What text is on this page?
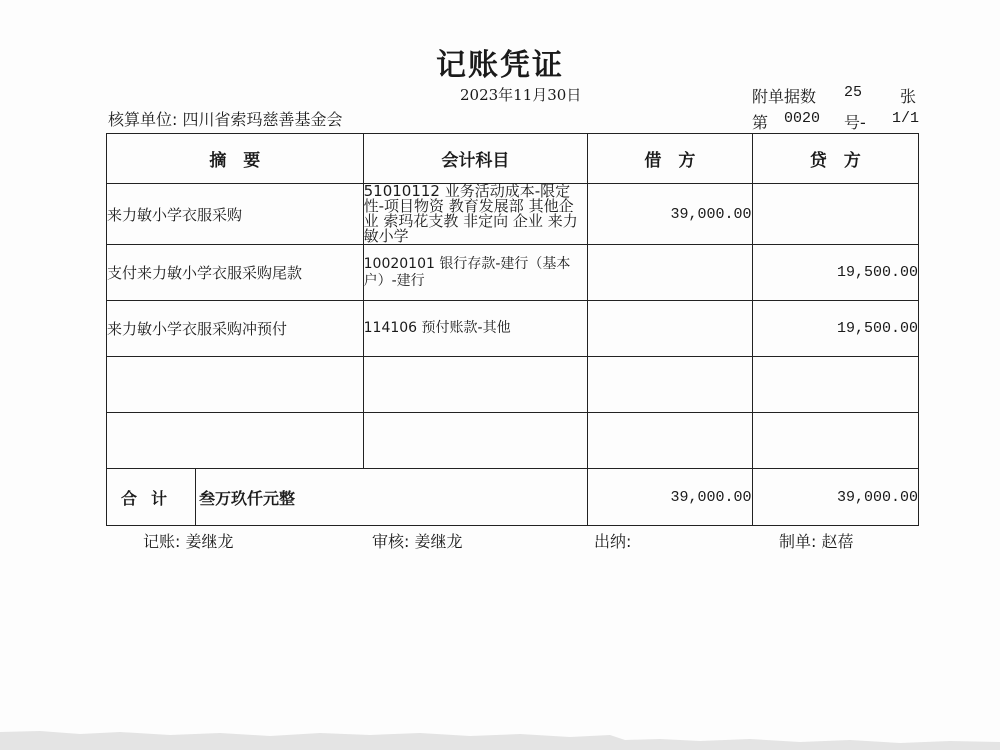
记账凭证
2023年11月30日	附单据数 25 张
核算单位: 四川省索玛慈善基金会	第 0020 号- 1/1
摘　要	会计科目	借　方	贷　方
来力敏小学衣服采购	51010112 业务活动成本-限定性-项目物资 教育发展部 其他企业 索玛花支教 非定向 企业 来力敏小学	39,000.00	
支付来力敏小学衣服采购尾款	10020101 银行存款-建行（基本户）-建行		19,500.00
来力敏小学衣服采购冲预付	114106 预付账款-其他		19,500.00

合计 叁万玖仟元整		39,000.00	39,000.00
记账: 姜继龙	审核: 姜继龙	出纳:	制单: 赵蓓
